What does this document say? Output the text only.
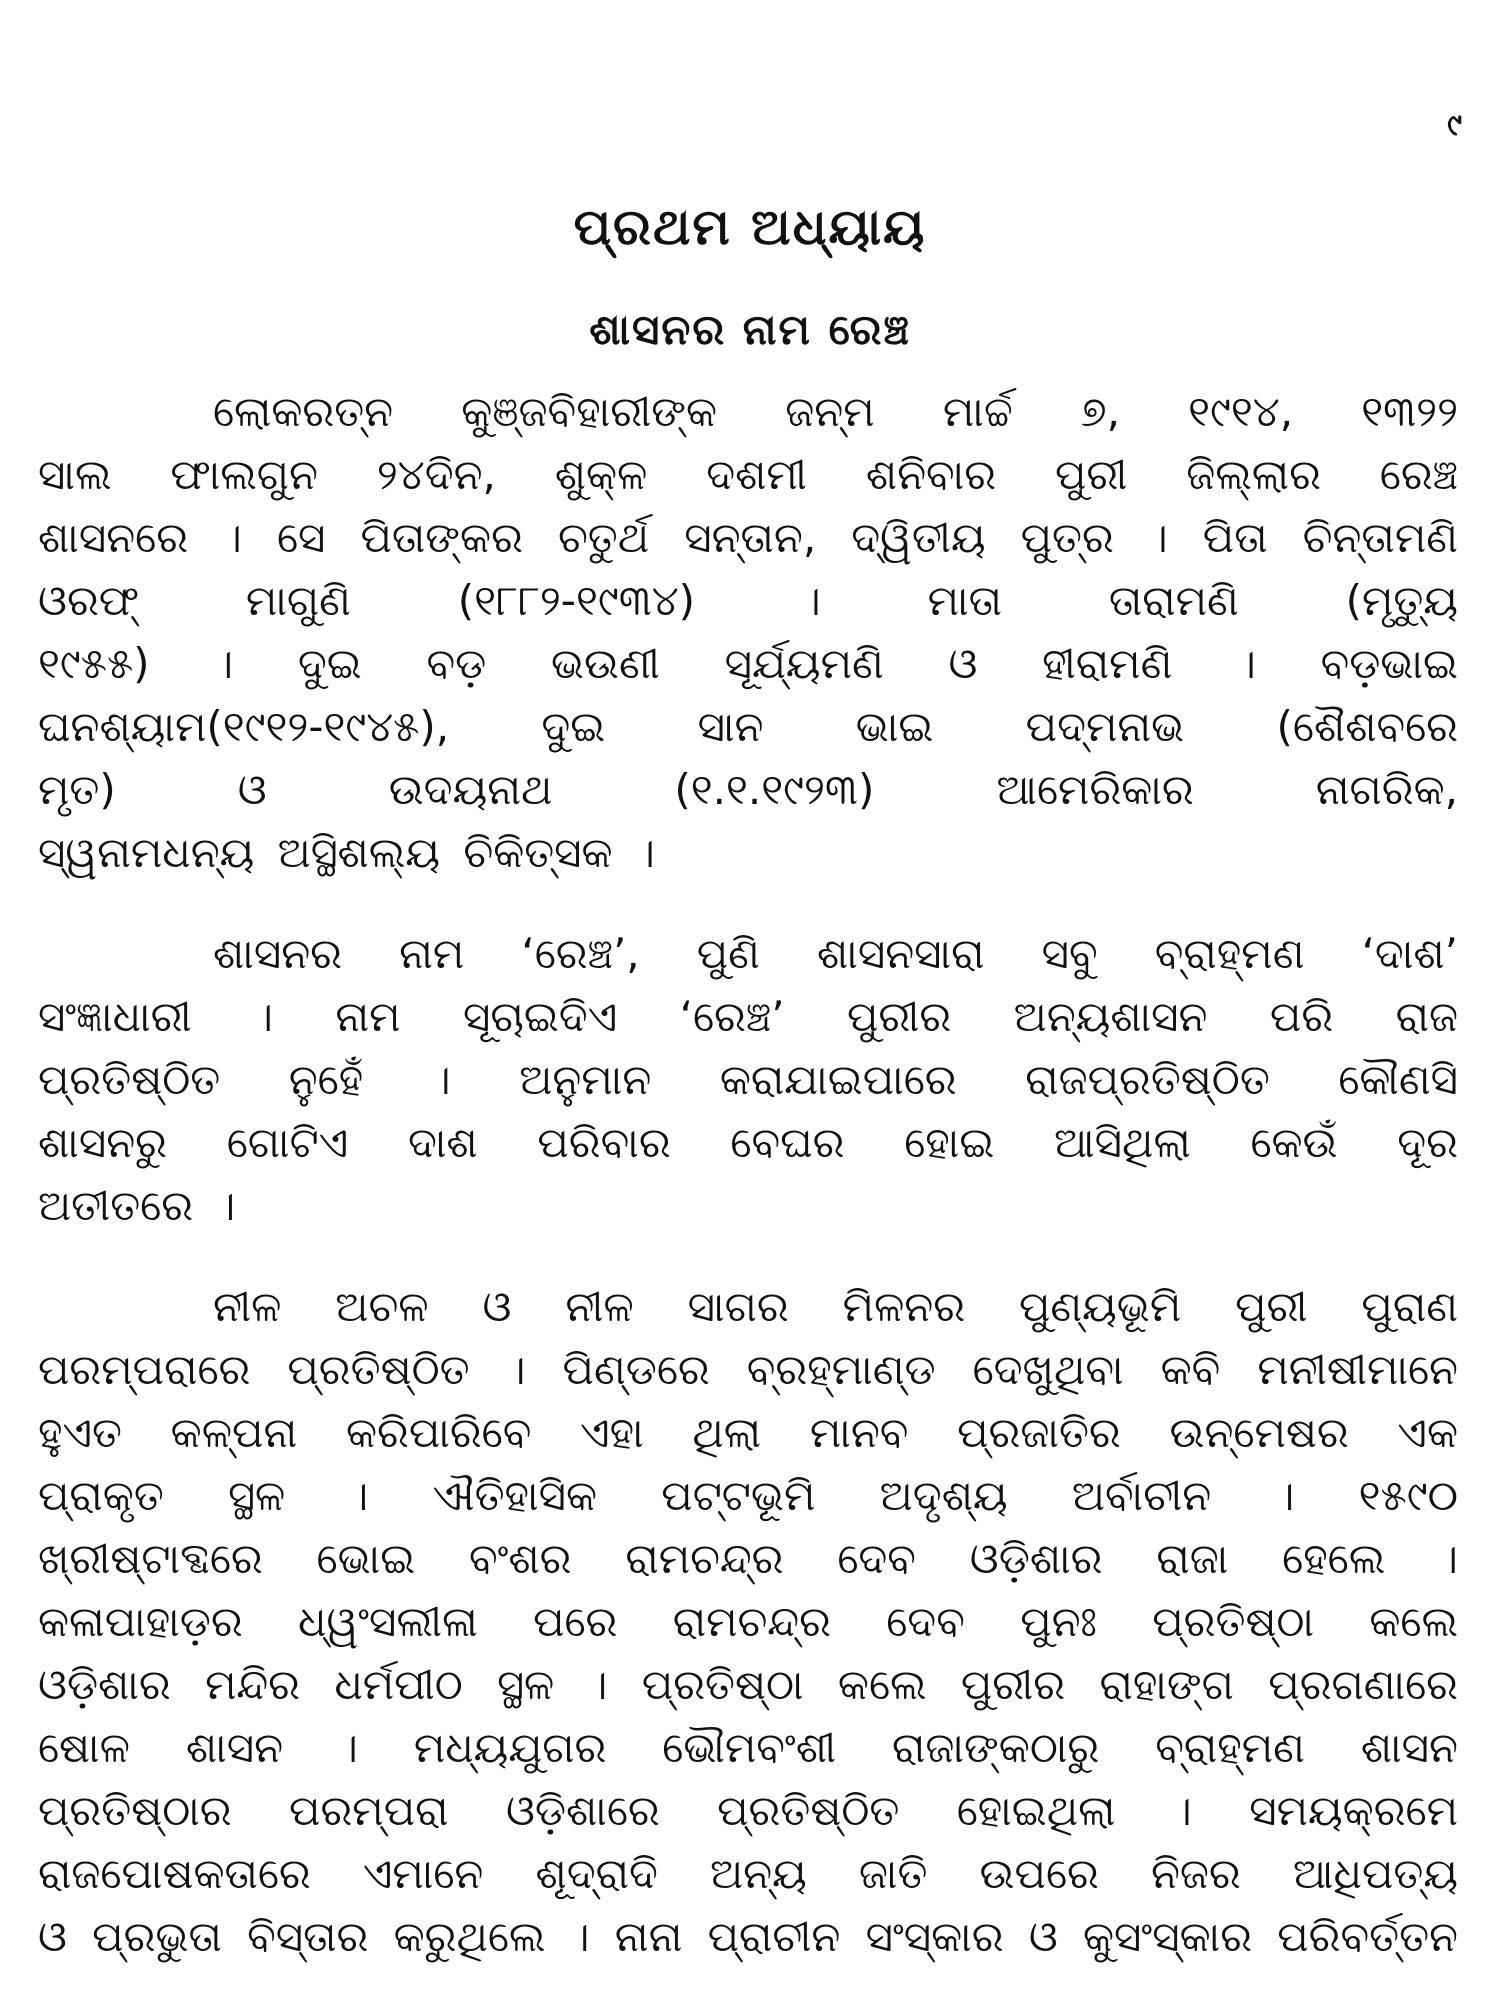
୯
ପ୍ରଥମ ଅଧ୍ୟାୟ
ଶାସନର ନାମ ରେଞ୍ଚ
ଲୋକରତ୍ନ କୁଞ୍ଜବିହାରୀଙ୍କ ଜନ୍ମ ମାର୍ଚ୍ଚ ୭, ୧୯୧୪, ୧୩୨୨
ସାଲ ଫାଲଗୁନ ୨୪ଦିନ, ଶୁକ୍ଳ ଦଶମୀ ଶନିବାର ପୁରୀ ଜିଲ୍ଲାର ରେଞ୍ଚ
ଶାସନରେ । ସେ ପିତାଙ୍କର ଚତୁର୍ଥ ସନ୍ତାନ, ଦ୍ୱିତୀୟ ପୁତ୍ର । ପିତା ଚିନ୍ତାମଣି
ଓରଫ୍ ମାଗୁଣି (୧୮୮୨-୧୯୩୪) । ମାତା ତାରାମଣି (ମୃତ୍ୟୁ
୧୯୫୫) । ଦୁଇ ବଡ଼ ଭଉଣୀ ସୂର୍ଯ୍ୟମଣି ଓ ହୀରାମଣି । ବଡ଼ଭାଇ
ଘନଶ୍ୟାମ(୧୯୧୨-୧୯୪୫), ଦୁଇ ସାନ ଭାଇ ପଦ୍ମନାଭ (ଶୈଶବରେ
ମୃତ) ଓ ଉଦୟନାଥ (୧.୧.୧୯୨୩) ଆମେରିକାର ନାଗରିକ,
ସ୍ୱନାମଧନ୍ୟ ଅସ୍ଥିଶଲ୍ୟ ଚିକିତ୍ସକ ।
ଶାସନର ନାମ ‘ରେଞ୍ଚ’, ପୁଣି ଶାସନସାରା ସବୁ ବ୍ରାହ୍ମଣ ‘ଦାଶ’
ସଂଜ୍ଞାଧାରୀ । ନାମ ସୂଚାଇଦିଏ ‘ରେଞ୍ଚ’ ପୁରୀର ଅନ୍ୟଶାସନ ପରି ରାଜ
ପ୍ରତିଷ୍ଠିତ ନୁହେଁ । ଅନୁମାନ କରାଯାଇପାରେ ରାଜପ୍ରତିଷ୍ଠିତ କୌଣସି
ଶାସନରୁ ଗୋଟିଏ ଦାଶ ପରିବାର ବେଘର ହୋଇ ଆସିଥିଲା କେଉଁ ଦୂର
ଅତୀତରେ ।
ନୀଳ ଅଚଳ ଓ ନୀଳ ସାଗର ମିଳନର ପୁଣ୍ୟଭୂମି ପୁରୀ ପୁରାଣ
ପରମ୍ପରାରେ ପ୍ରତିଷ୍ଠିତ । ପିଣ୍ଡରେ ବ୍ରହ୍ମାଣ୍ଡ ଦେଖୁଥିବା କବି ମନୀଷୀମାନେ
ହୁଏତ କଳ୍ପନା କରିପାରିବେ ଏହା ଥିଲା ମାନବ ପ୍ରଜାତିର ଉନ୍ମେଷର ଏକ
ପ୍ରାକୃତ ସ୍ଥଳ । ଐତିହାସିକ ପଟ୍ଟଭୂମି ଅଦୃଶ୍ୟ ଅର୍ବାଚୀନ । ୧୫୯୦
ଖ୍ରୀଷ୍ଟାବ୍ଦରେ ଭୋଇ ବଂଶର ରାମଚନ୍ଦ୍ର ଦେବ ଓଡ଼ିଶାର ରାଜା ହେଲେ ।
କଳାପାହାଡ଼ର ଧ୍ୱଂସଲୀଳା ପରେ ରାମଚନ୍ଦ୍ର ଦେବ ପୁନଃ ପ୍ରତିଷ୍ଠା କଲେ
ଓଡ଼ିଶାର ମନ୍ଦିର ଧର୍ମପୀଠ ସ୍ଥଳ । ପ୍ରତିଷ୍ଠା କଲେ ପୁରୀର ରାହାଙ୍ଗ ପ୍ରଗଣାରେ
ଷୋଳ ଶାସନ । ମଧ୍ୟଯୁଗର ଭୌମବଂଶୀ ରାଜାଙ୍କଠାରୁ ବ୍ରାହ୍ମଣ ଶାସନ
ପ୍ରତିଷ୍ଠାର ପରମ୍ପରା ଓଡ଼ିଶାରେ ପ୍ରତିଷ୍ଠିତ ହୋଇଥିଲା । ସମୟକ୍ରମେ
ରାଜପୋଷକତାରେ ଏମାନେ ଶୂଦ୍ରାଦି ଅନ୍ୟ ଜାତି ଉପରେ ନିଜର ଆଧିପତ୍ୟ
ଓ ପ୍ରଭୁତା ବିସ୍ତାର କରୁଥିଲେ । ନାନା ପ୍ରାଚୀନ ସଂସ୍କାର ଓ କୁସଂସ୍କାର ପରିବର୍ତ୍ତନ
